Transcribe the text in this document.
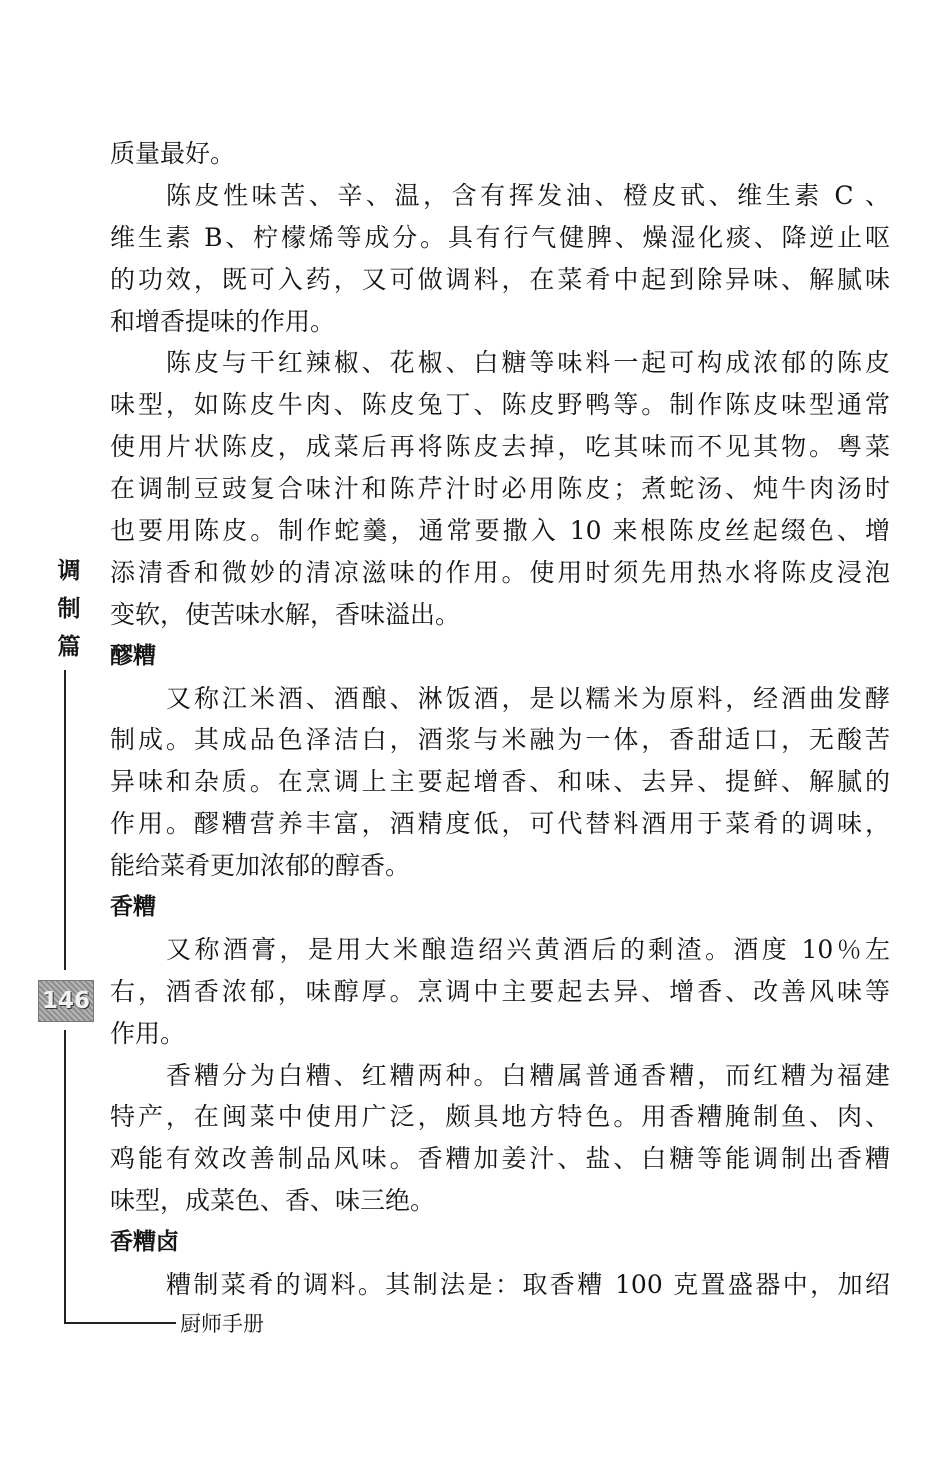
调
制
篇
146
厨师手册
质量最好。
陈皮性味苦、辛、温，含有挥发油、橙皮甙、维生素 C 、
维生素 B、柠檬烯等成分。具有行气健脾、燥湿化痰、降逆止呕
的功效，既可入药，又可做调料，在菜肴中起到除异味、解腻味
和增香提味的作用。
陈皮与干红辣椒、花椒、白糖等味料一起可构成浓郁的陈皮
味型，如陈皮牛肉、陈皮兔丁、陈皮野鸭等。制作陈皮味型通常
使用片状陈皮，成菜后再将陈皮去掉，吃其味而不见其物。粤菜
在调制豆豉复合味汁和陈芹汁时必用陈皮；煮蛇汤、炖牛肉汤时
也要用陈皮。制作蛇羹，通常要撒入 10 来根陈皮丝起缀色、增
添清香和微妙的清凉滋味的作用。使用时须先用热水将陈皮浸泡
变软，使苦味水解，香味溢出。
醪糟
又称江米酒、酒酿、淋饭酒，是以糯米为原料，经酒曲发酵
制成。其成品色泽洁白，酒浆与米融为一体，香甜适口，无酸苦
异味和杂质。在烹调上主要起增香、和味、去异、提鲜、解腻的
作用。醪糟营养丰富，酒精度低，可代替料酒用于菜肴的调味，
能给菜肴更加浓郁的醇香。
香糟
又称酒膏，是用大米酿造绍兴黄酒后的剩渣。酒度 10％左
右，酒香浓郁，味醇厚。烹调中主要起去异、增香、改善风味等
作用。
香糟分为白糟、红糟两种。白糟属普通香糟，而红糟为福建
特产，在闽菜中使用广泛，颇具地方特色。用香糟腌制鱼、肉、
鸡能有效改善制品风味。香糟加姜汁、盐、白糖等能调制出香糟
味型，成菜色、香、味三绝。
香糟卤
糟制菜肴的调料。其制法是：取香糟 100 克置盛器中，加绍
